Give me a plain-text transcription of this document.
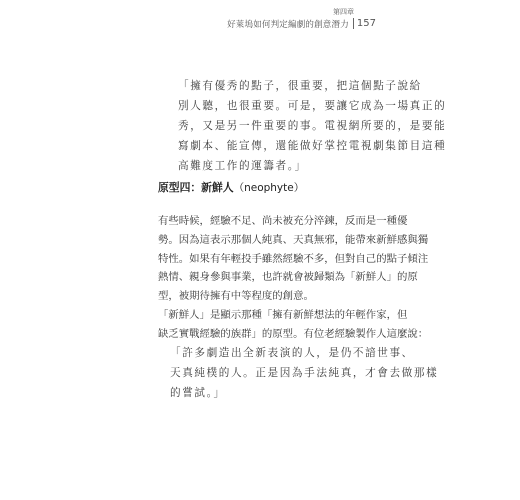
第四章
好萊塢如何判定編劇的創意潛力 157
「擁有優秀的點子，很重要，把這個點子說給
別人聽，也很重要。可是，要讓它成為一場真正的
秀，又是另一件重要的事。電視網所要的，是要能
寫劇本、能宣傳，還能做好掌控電視劇集節目這種
高難度工作的運籌者。」
原型四：新鮮人（neophyte）
有些時候，經驗不足、尚未被充分淬鍊，反而是一種優
勢。因為這表示那個人純真、天真無邪，能帶來新鮮感與獨
特性。如果有年輕投手雖然經驗不多，但對自己的點子傾注
熱情、親身參與事業，也許就會被歸類為「新鮮人」的原
型，被期待擁有中等程度的創意。
「新鮮人」是顯示那種「擁有新鮮想法的年輕作家，但
缺乏實戰經驗的族群」的原型。有位老經驗製作人這麼說：
「許多劇造出全新表演的人，是仍不諳世事、
天真純樸的人。正是因為手法純真，才會去做那樣
的嘗試。」
